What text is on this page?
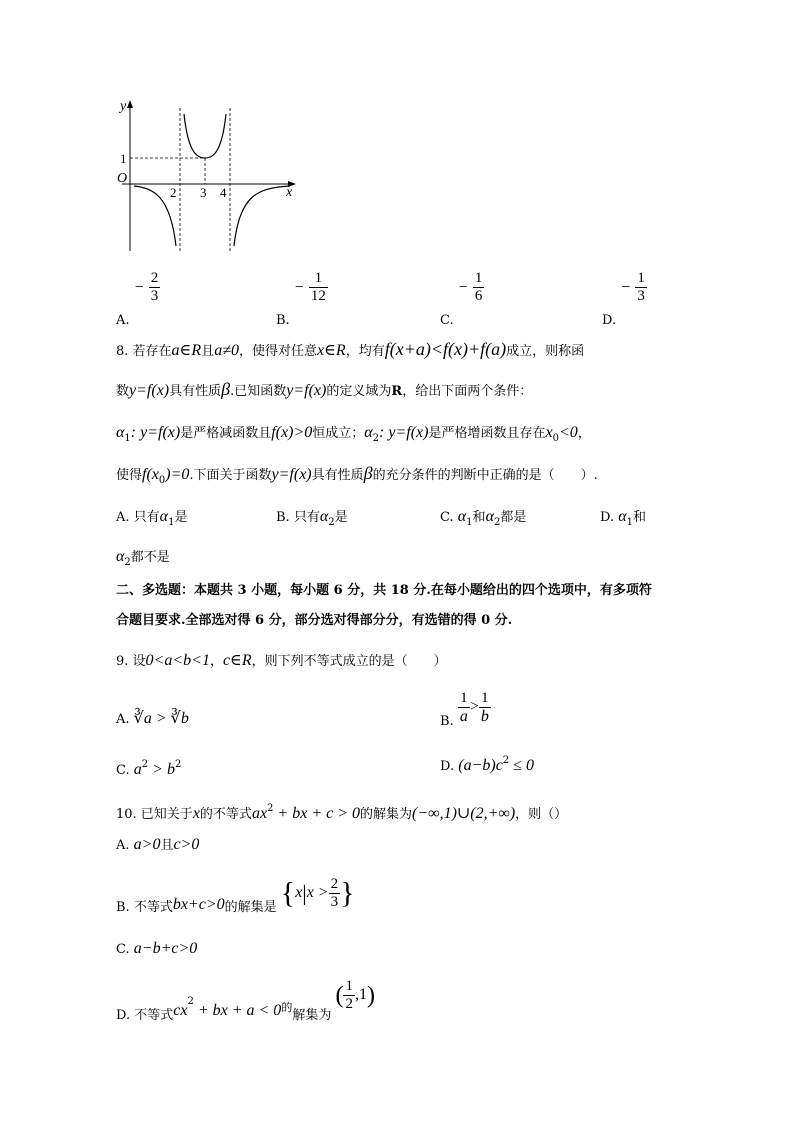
y
x
O
1
2 3 4
$_{A.} - \frac{2}{3}$
$_{B.} - \frac{1}{12}$
$_{C.} - \frac{1}{6}$
$_{D.} - \frac{1}{3}$
8. 若存在a∈R且a≠0，使得对任意x∈R，均有f(x+a)<f(x)+f(a)成立，则称函
数y=f(x)具有性质β.已知函数y=f(x)的定义域为R，给出下面两个条件：
$\alpha_1$: y=f(x)是严格减函数且f(x)>0恒成立；$\alpha_2$: y=f(x)是严格增函数且存在$x_0<0$，
使得$f(x_0)=0$.下面关于函数y=f(x)具有性质β的充分条件的判断中正确的是（　　）.
A. 只有$\alpha_1$是	B. 只有$\alpha_2$是	C. $\alpha_1$和$\alpha_2$都是	D. $\alpha_1$和
$\alpha_2$都不是
二、多选题：本题共 3 小题，每小题 6 分，共 18 分.在每小题给出的四个选项中，有多项符
合题目要求.全部选对得 6 分，部分选对得部分分，有选错的得 0 分.
9. 设0<a<b<1，c∈R，则下列不等式成立的是（　　）
A. ∛a > ∛b	B. $\frac{1}{a} > \frac{1}{b}$
C. $a^2 > b^2$	D. $(a-b)c^2 \le 0$
10. 已知关于x的不等式$ax^2$ + bx + c > 0的解集为(−∞,1)∪(2,+∞)，则（）
A. a>0且c>0
B. 不等式bx+c>0的解集是 {$x|x > \frac{2}{3}$ }
C. a−b+c>0
D. 不等式$cx_2$ + bx + $a < 0_的$解集为 ( $\frac{1}{2} ,1$)
